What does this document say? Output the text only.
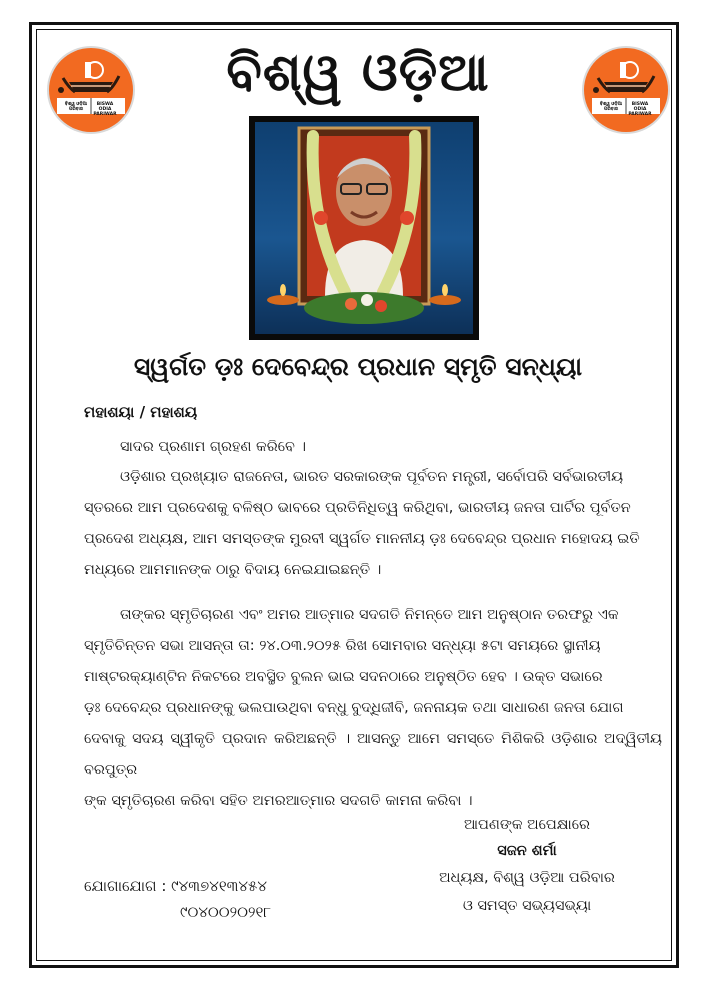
ବିଶ୍ୱ ଓଡ଼ିଆ ପରିବାର
BISWA ODIA PARIWAR
ବିଶ୍ୱ ଓଡ଼ିଆ ପରିବାର
BISWA ODIA PARIWAR
ବିଶ୍ୱ ଓଡ଼ିଆ
ସ୍ୱର୍ଗତ ଡ଼ଃ ଦେବେନ୍ଦ୍ର ପ୍ରଧାନ ସ୍ମୃତି ସନ୍ଧ୍ୟା
ମହାଶୟା / ମହାଶୟ
ସାଦର ପ୍ରଣାମ ଗ୍ରହଣ କରିବେ ।
ଓଡ଼ିଶାର ପ୍ରଖ୍ୟାତ ରାଜନେତା, ଭାରତ ସରକାରଙ୍କ ପୂର୍ବତନ ମନ୍ତ୍ରୀ, ସର୍ବୋପରି ସର୍ବଭାରତୀୟ
ସ୍ତରରେ ଆମ ପ୍ରଦେଶକୁ ବଳିଷ୍ଠ ଭାବରେ ପ୍ରତିନିଧିତ୍ୱ କରିଥିବା, ଭାରତୀୟ ଜନତା ପାର୍ଟିର ପୂର୍ବତନ
ପ୍ରଦେଶ ଅଧ୍ୟକ୍ଷ, ଆମ ସମସ୍ତଙ୍କ ମୁରବୀ ସ୍ୱର୍ଗତ ମାନନୀୟ ଡ଼ଃ ଦେବେନ୍ଦ୍ର ପ୍ରଧାନ ମହୋଦୟ ଇତି
ମଧ୍ୟରେ ଆମମାନଙ୍କ ଠାରୁ ବିଦାୟ ନେଇଯାଇଛନ୍ତି ।
ତାଙ୍କର ସ୍ମୃତିଚାରଣ ଏବଂ ଅମର ଆତ୍ମାର ସଦଗତି ନିମନ୍ତେ ଆମ ଅନୁଷ୍ଠାନ ତରଫରୁ ଏକ
ସ୍ମୃତିଚିନ୍ତନ ସଭା ଆସନ୍ତା ତା: ୨୪.୦୩.୨୦୨୫ ରିଖ ସୋମବାର ସନ୍ଧ୍ୟା ୫ଟା ସମୟରେ ସ୍ଥାନୀୟ
ମାଷ୍ଟରକ୍ୟାଣ୍ଟିନ ନିକଟରେ ଅବସ୍ଥିତ ବୁଲନ ଭାଇ ସଦନଠାରେ ଅନୁଷ୍ଠିତ ହେବ । ଉକ୍ତ ସଭାରେ
ଡ଼ଃ ଦେବେନ୍ଦ୍ର ପ୍ରଧାନଙ୍କୁ ଭଲପାଉଥିବା ବନ୍ଧୁ ବୁଦ୍ଧିଜୀବି, ଜନନାୟକ ତଥା ସାଧାରଣ ଜନତା ଯୋଗ
ଦେବାକୁ ସଦୟ ସ୍ୱୀକୃତି ପ୍ରଦାନ କରିଅଛନ୍ତି । ଆସନ୍ତୁ ଆମେ ସମସ୍ତେ ମିଶିକରି ଓଡ଼ିଶାର ଅଦ୍ୱିତୀୟ ବରପୁତ୍ର
ଙ୍କ ସ୍ମୃତିଚାରଣ କରିବା ସହିତ ଅମରଆତ୍ମାର ସଦଗତି କାମନା କରିବା ।
ଆପଣଙ୍କ ଅପେକ୍ଷାରେ
ସଜନ ଶର୍ମା
ଅଧ୍ୟକ୍ଷ, ବିଶ୍ୱ ଓଡ଼ିଆ ପରିବାର
ଓ ସମସ୍ତ ସଭ୍ୟସଭ୍ୟା
ଯୋଗାଯୋଗ : ୯୪୩୭୪୧୩୪୫୪
୯୦୪୦୦୨୦୨୧୮
